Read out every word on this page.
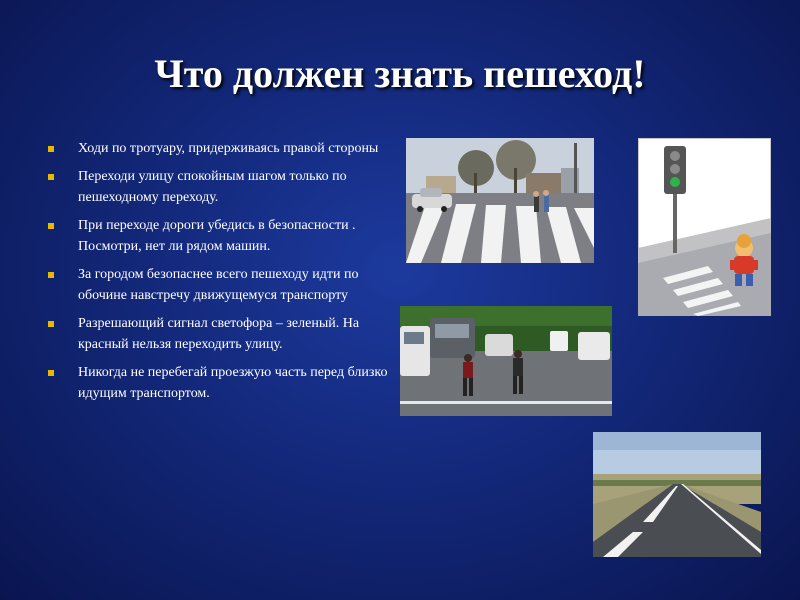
Что должен знать пешеход!
Ходи по тротуару, придерживаясь правой стороны
Переходи улицу спокойным шагом только по пешеходному переходу.
При переходе дороги убедись в безопасности . Посмотри, нет ли рядом машин.
За городом безопаснее всего пешеходу идти по обочине навстречу движущемуся транспорту
Разрешающий сигнал светофора – зеленый. На красный нельзя переходить улицу.
Никогда не перебегай проезжую часть перед близко идущим транспортом.
